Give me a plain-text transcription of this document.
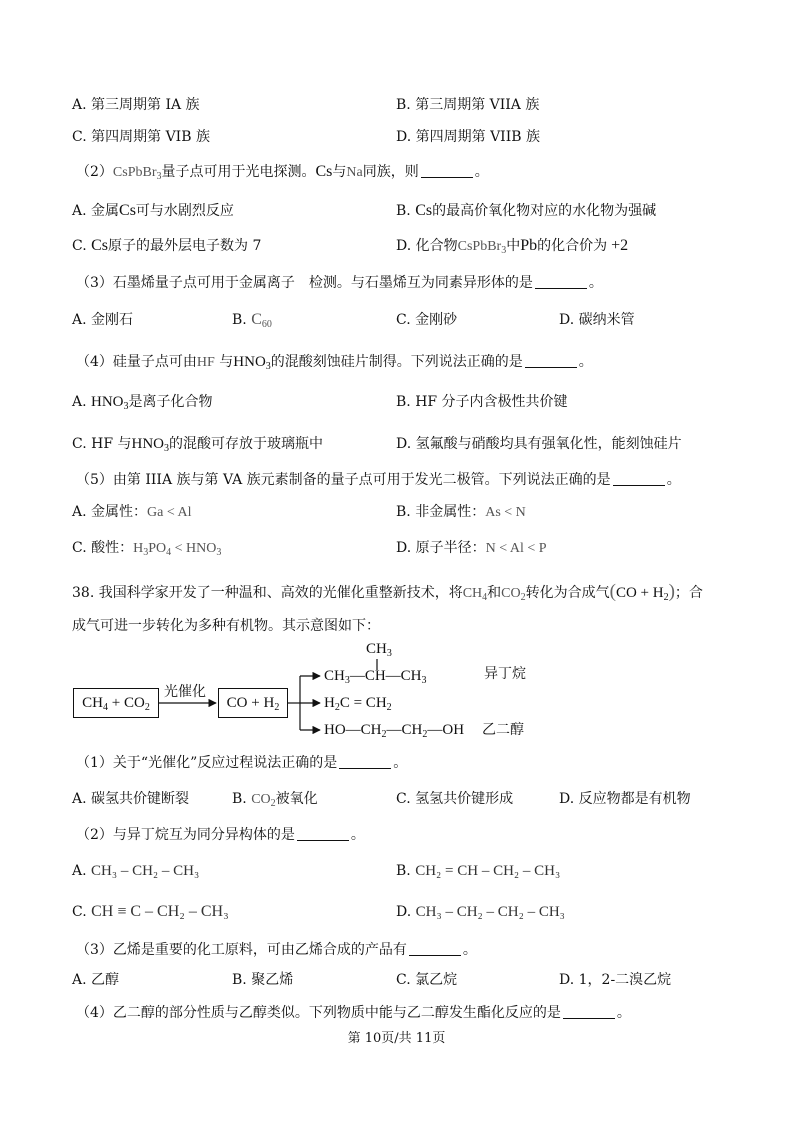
A. 第三周期第 IA 族	B. 第三周期第 VIIA 族
C. 第四周期第 VIB 族	D. 第四周期第 VIIB 族
（2）CsPbBr$_3$量子点可用于光电探测。Cs与Na同族，则	。
A. 金属Cs可与水剧烈反应	B. Cs的最高价氧化物对应的水化物为强碱
C. Cs原子的最外层电子数为 7	D. 化合物CsPbBr$_3$中Pb的化合价为 +2
（3）石墨烯量子点可用于金属离子　检测。与石墨烯互为同素异形体的是	。
A. 金刚石	B. $C_{60}$	C. 金刚砂	D. 碳纳米管
（4）硅量子点可由HF 与$HNO_3$的混酸刻蚀硅片制得。下列说法正确的是	。
A. $HNO_3$是离子化合物	B. HF 分子内含极性共价键
C. HF 与$HNO_3$的混酸可存放于玻璃瓶中	D. 氢氟酸与硝酸均具有强氧化性，能刻蚀硅片
（5）由第 IIIA 族与第 VA 族元素制备的量子点可用于发光二极管。下列说法正确的是	。
A. 金属性：Ga < Al	B. 非金属性：As < N
C. 酸性：$H_3PO_4 < HNO_3$	D. 原子半径：N < Al < P
38. 我国科学家开发了一种温和、高效的光催化重整新技术，将$CH_4$和$CO_2$转化为合成气$(CO + H_2)$；合
成气可进一步转化为多种有机物。其示意图如下：
$CH_4 + CO_2$
光催化
CO + $H_2$
$CH_3$
$CH_3—CH—CH_3$	异丁烷
$H_2C = CH_2$
$HO—CH_2—CH_2—OH$ 乙二醇
（1）关于“光催化”反应过程说法正确的是	。
A. 碳氢共价键断裂	B. $CO_2$被氧化	C. 氢氢共价键形成	D. 反应物都是有机物
（2）与异丁烷互为同分异构体的是	。
A. CH₃ – CH₂ – CH₃	B. CH₂ = CH – CH₂ – CH₃
C. CH ≡ C – CH₂ – CH₃	D. CH₃ – CH₂ – CH₂ – CH₃
（3）乙烯是重要的化工原料，可由乙烯合成的产品有	。
A. 乙醇	B. 聚乙烯	C. 氯乙烷	D. 1，2-二溴乙烷
（4）乙二醇的部分性质与乙醇类似。下列物质中能与乙二醇发生酯化反应的是	。
第 10页/共 11页
